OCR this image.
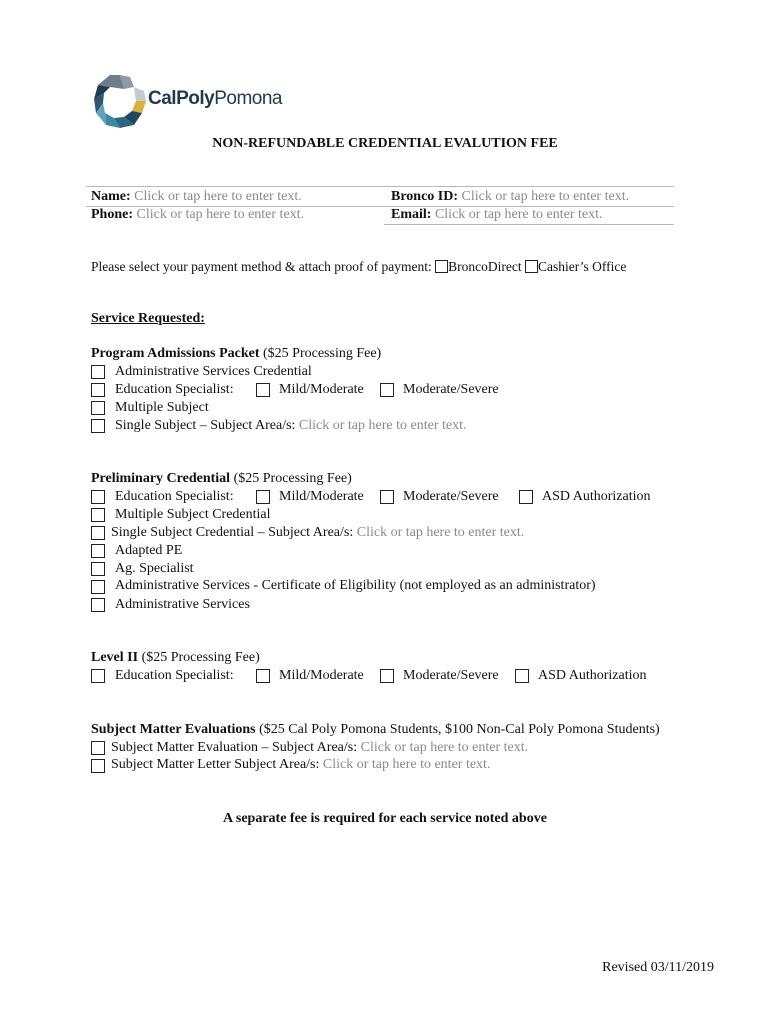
CalPolyPomona
NON-REFUNDABLE CREDENTIAL EVALUTION FEE
Name: Click or tap here to enter text.	Bronco ID: Click or tap here to enter text.
Phone: Click or tap here to enter text.	Email: Click or tap here to enter text.
Please select your payment method & attach proof of payment: BroncoDirect Cashier’s Office
Service Requested:
Program Admissions Packet ($25 Processing Fee)
Administrative Services Credential
Education Specialist:	Mild/Moderate	Moderate/Severe
Multiple Subject
Single Subject – Subject Area/s: Click or tap here to enter text.
Preliminary Credential ($25 Processing Fee)
Education Specialist:	Mild/Moderate	Moderate/Severe	ASD Authorization
Multiple Subject Credential
Single Subject Credential – Subject Area/s: Click or tap here to enter text.
Adapted PE
Ag. Specialist
Administrative Services - Certificate of Eligibility (not employed as an administrator)
Administrative Services
Level II ($25 Processing Fee)
Education Specialist:	Mild/Moderate	Moderate/Severe	ASD Authorization
Subject Matter Evaluations ($25 Cal Poly Pomona Students, $100 Non-Cal Poly Pomona Students)
Subject Matter Evaluation – Subject Area/s: Click or tap here to enter text.
Subject Matter Letter Subject Area/s: Click or tap here to enter text.
A separate fee is required for each service noted above
Revised 03/11/2019
